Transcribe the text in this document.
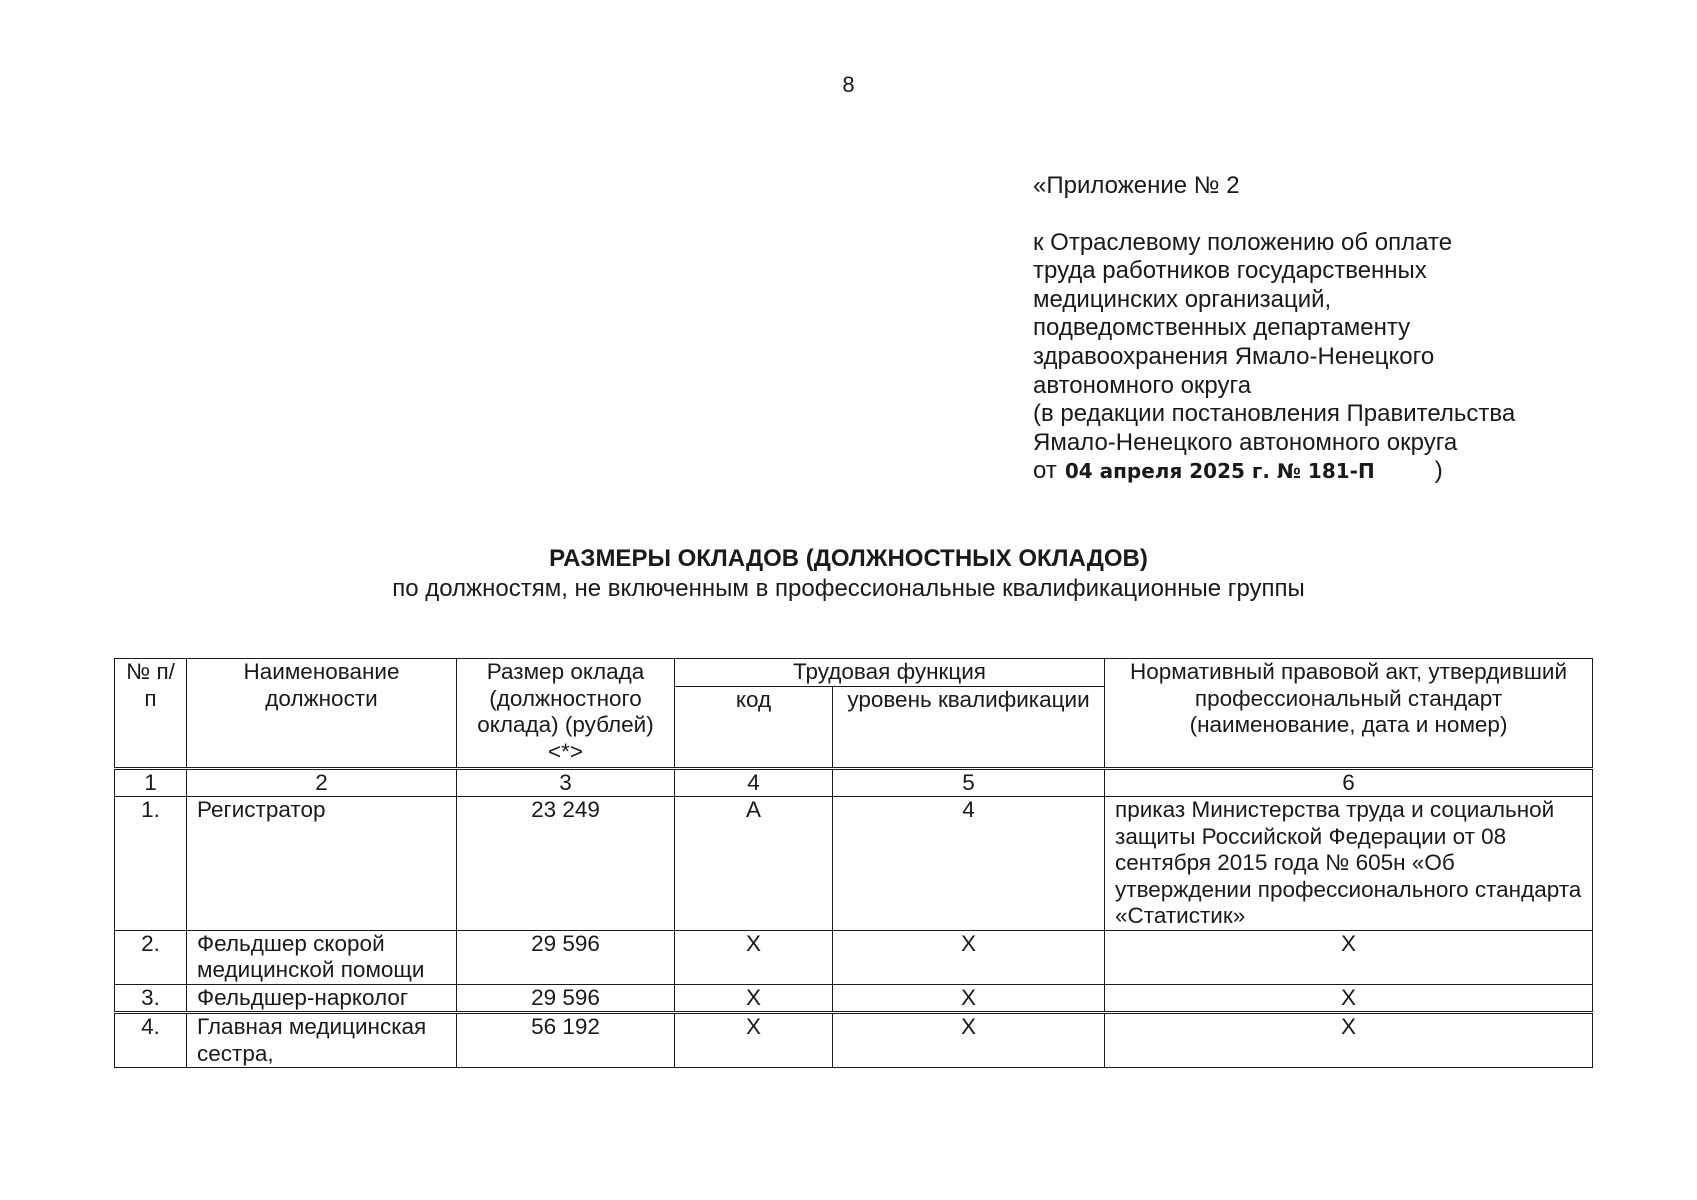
8
«Приложение № 2
к Отраслевому положению об оплате
труда работников государственных
медицинских организаций,
подведомственных департаменту
здравоохранения Ямало-Ненецкого
автономного округа
(в редакции постановления Правительства
Ямало-Ненецкого автономного округа
от 04 апреля 2025 г. № 181-П	)
РАЗМЕРЫ ОКЛАДОВ (ДОЛЖНОСТНЫХ ОКЛАДОВ)
по должностям, не включенным в профессиональные квалификационные группы
№ п/п	Наименование должности	Размер оклада (должностного оклада) (рублей) <*>	Трудовая функция		Нормативный правовой акт, утвердивший профессиональный стандарт (наименование, дата и номер)
			код	уровень квалификации	
1	2	3	4	5	6
1.	Регистратор	23 249	А	4	приказ Министерства труда и социальной защиты Российской Федерации от 08 сентября 2015 года № 605н «Об утверждении профессионального стандарта «Статистик»
2.	Фельдшер скорой медицинской помощи	29 596	Х	Х	Х
3.	Фельдшер-нарколог	29 596	Х	Х	Х
4.	Главная медицинская сестра,	56 192	Х	Х	Х
